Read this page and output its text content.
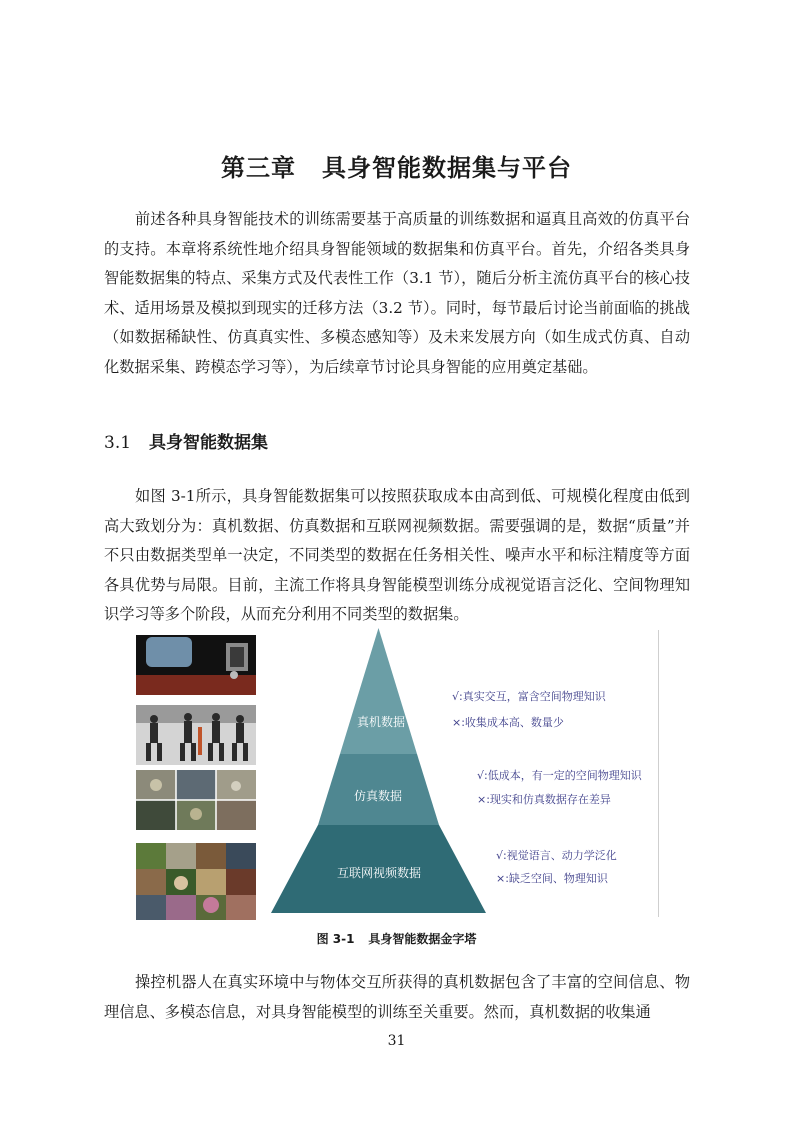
第三章 具身智能数据集与平台

前述各种具身智能技术的训练需要基于高质量的训练数据和逼真且高效的仿真平台的支持。本章将系统性地介绍具身智能领域的数据集和仿真平台。首先，介绍各类具身智能数据集的特点、采集方式及代表性工作（3.1 节），随后分析主流仿真平台的核心技术、适用场景及模拟到现实的迁移方法（3.2 节）。同时，每节最后讨论当前面临的挑战（如数据稀缺性、仿真真实性、多模态感知等）及未来发展方向（如生成式仿真、自动化数据采集、跨模态学习等），为后续章节讨论具身智能的应用奠定基础。

3.1 具身智能数据集

如图 3-1所示，具身智能数据集可以按照获取成本由高到低、可规模化程度由低到高大致划分为：真机数据、仿真数据和互联网视频数据。需要强调的是，数据“质量”并不只由数据类型单一决定，不同类型的数据在任务相关性、噪声水平和标注精度等方面各具优势与局限。目前，主流工作将具身智能模型训练分成视觉语言泛化、空间物理知识学习等多个阶段，从而充分利用不同类型的数据集。

真机数据
仿真数据
互联网视频数据
√:真实交互，富含空间物理知识
×:收集成本高、数量少
√:低成本，有一定的空间物理知识
×:现实和仿真数据存在差异
√:视觉语言、动力学泛化
×:缺乏空间、物理知识

图 3-1 具身智能数据金字塔

操控机器人在真实环境中与物体交互所获得的真机数据包含了丰富的空间信息、物理信息、多模态信息，对具身智能模型的训练至关重要。然而，真机数据的收集通

31
